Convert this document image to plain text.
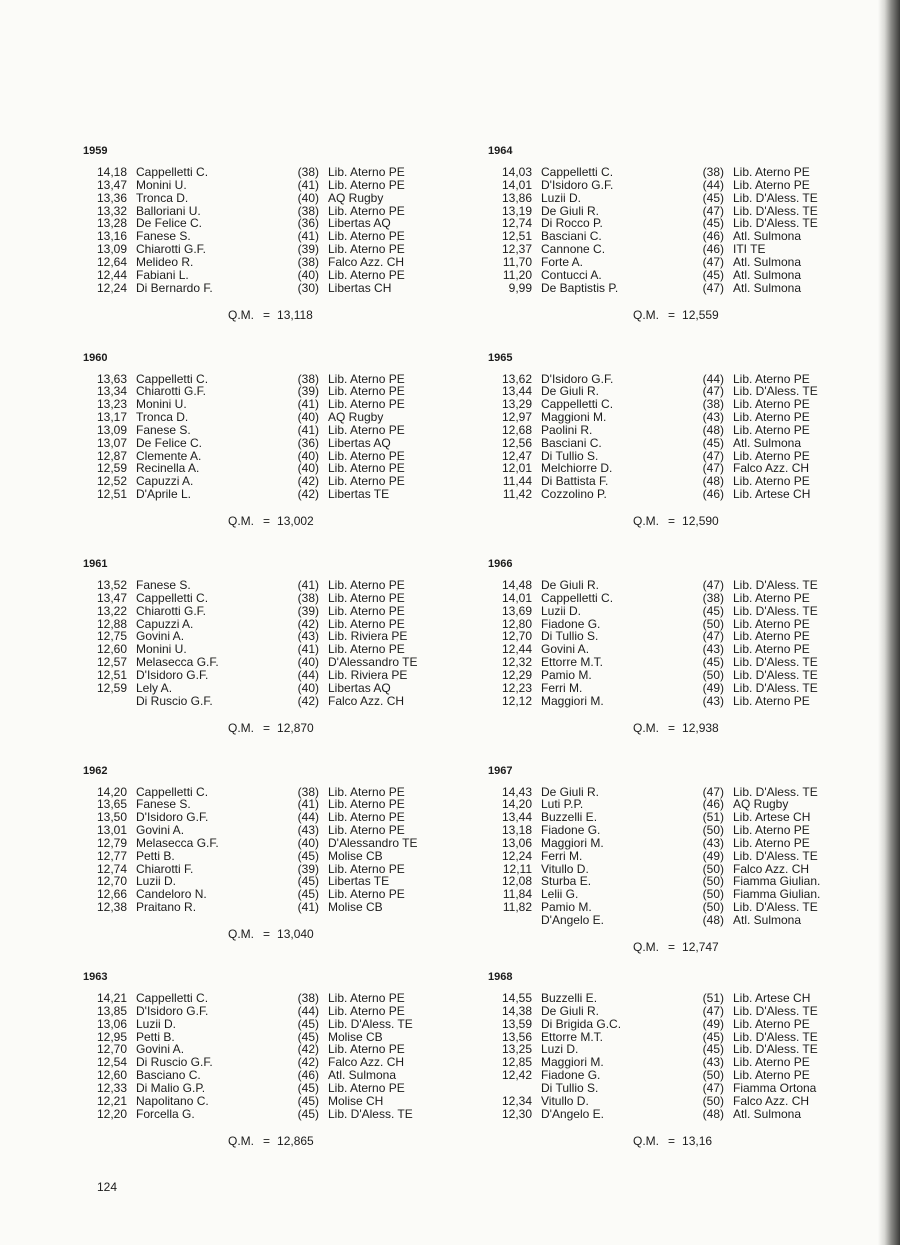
1959
14,18 Cappelletti C.	(38) Lib. Aterno PE
13,47 Monini U.	(41) Lib. Aterno PE
13,36 Tronca D.	(40) AQ Rugby
13,32 Balloriani U.	(38) Lib. Aterno PE
13,28 De Felice C.	(36) Libertas AQ
13,16 Fanese S.	(41) Lib. Aterno PE
13,09 Chiarotti G.F.	(39) Lib. Aterno PE
12,64 Melideo R.	(38) Falco Azz. CH
12,44 Fabiani L.	(40) Lib. Aterno PE
12,24 Di Bernardo F.	(30) Libertas CH
Q.M. = 13,118
1960
13,63 Cappelletti C.	(38) Lib. Aterno PE
13,34 Chiarotti G.F.	(39) Lib. Aterno PE
13,23 Monini U.	(41) Lib. Aterno PE
13,17 Tronca D.	(40) AQ Rugby
13,09 Fanese S.	(41) Lib. Aterno PE
13,07 De Felice C.	(36) Libertas AQ
12,87 Clemente A.	(40) Lib. Aterno PE
12,59 Recinella A.	(40) Lib. Aterno PE
12,52 Capuzzi A.	(42) Lib. Aterno PE
12,51 D'Aprile L.	(42) Libertas TE
Q.M. = 13,002
1961
13,52 Fanese S.	(41) Lib. Aterno PE
13,47 Cappelletti C.	(38) Lib. Aterno PE
13,22 Chiarotti G.F.	(39) Lib. Aterno PE
12,88 Capuzzi A.	(42) Lib. Aterno PE
12,75 Govini A.	(43) Lib. Riviera PE
12,60 Monini U.	(41) Lib. Aterno PE
12,57 Melasecca G.F.	(40) D'Alessandro TE
12,51 D'Isidoro G.F.	(44) Lib. Riviera PE
12,59 Lely A.	(40) Libertas AQ
Di Ruscio G.F.	(42) Falco Azz. CH
Q.M. = 12,870
1962
14,20 Cappelletti C.	(38) Lib. Aterno PE
13,65 Fanese S.	(41) Lib. Aterno PE
13,50 D'Isidoro G.F.	(44) Lib. Aterno PE
13,01 Govini A.	(43) Lib. Aterno PE
12,79 Melasecca G.F.	(40) D'Alessandro TE
12,77 Petti B.	(45) Molise CB
12,74 Chiarotti F.	(39) Lib. Aterno PE
12,70 Luzii D.	(45) Libertas TE
12,66 Candeloro N.	(45) Lib. Aterno PE
12,38 Praitano R.	(41) Molise CB
Q.M. = 13,040
1963
14,21 Cappelletti C.	(38) Lib. Aterno PE
13,85 D'Isidoro G.F.	(44) Lib. Aterno PE
13,06 Luzii D.	(45) Lib. D'Aless. TE
12,95 Petti B.	(45) Molise CB
12,70 Govini A.	(42) Lib. Aterno PE
12,54 Di Ruscio G.F.	(42) Falco Azz. CH
12,60 Basciano C.	(46) Atl. Sulmona
12,33 Di Malio G.P.	(45) Lib. Aterno PE
12,21 Napolitano C.	(45) Molise CH
12,20 Forcella G.	(45) Lib. D'Aless. TE
Q.M. = 12,865
1964
14,03 Cappelletti C.	(38) Lib. Aterno PE
14,01 D'Isidoro G.F.	(44) Lib. Aterno PE
13,86 Luzii D.	(45) Lib. D'Aless. TE
13,19 De Giuli R.	(47) Lib. D'Aless. TE
12,74 Di Rocco P.	(45) Lib. D'Aless. TE
12,51 Basciani C.	(46) Atl. Sulmona
12,37 Cannone C.	(46) ITI TE
11,70 Forte A.	(47) Atl. Sulmona
11,20 Contucci A.	(45) Atl. Sulmona
9,99 De Baptistis P.	(47) Atl. Sulmona
Q.M. = 12,559
1965
13,62 D'Isidoro G.F.	(44) Lib. Aterno PE
13,44 De Giuli R.	(47) Lib. D'Aless. TE
13,29 Cappelletti C.	(38) Lib. Aterno PE
12,97 Maggioni M.	(43) Lib. Aterno PE
12,68 Paolini R.	(48) Lib. Aterno PE
12,56 Basciani C.	(45) Atl. Sulmona
12,47 Di Tullio S.	(47) Lib. Aterno PE
12,01 Melchiorre D.	(47) Falco Azz. CH
11,44 Di Battista F.	(48) Lib. Aterno PE
11,42 Cozzolino P.	(46) Lib. Artese CH
Q.M. = 12,590
1966
14,48 De Giuli R.	(47) Lib. D'Aless. TE
14,01 Cappelletti C.	(38) Lib. Aterno PE
13,69 Luzii D.	(45) Lib. D'Aless. TE
12,80 Fiadone G.	(50) Lib. Aterno PE
12,70 Di Tullio S.	(47) Lib. Aterno PE
12,44 Govini A.	(43) Lib. Aterno PE
12,32 Ettorre M.T.	(45) Lib. D'Aless. TE
12,29 Pamio M.	(50) Lib. D'Aless. TE
12,23 Ferri M.	(49) Lib. D'Aless. TE
12,12 Maggiori M.	(43) Lib. Aterno PE
Q.M. = 12,938
1967
14,43 De Giuli R.	(47) Lib. D'Aless. TE
14,20 Luti P.P.	(46) AQ Rugby
13,44 Buzzelli E.	(51) Lib. Artese CH
13,18 Fiadone G.	(50) Lib. Aterno PE
13,06 Maggiori M.	(43) Lib. Aterno PE
12,24 Ferri M.	(49) Lib. D'Aless. TE
12,11 Vitullo D.	(50) Falco Azz. CH
12,08 Sturba E.	(50) Fiamma Giulian.
11,84 Lelii G.	(50) Fiamma Giulian.
11,82 Pamio M.	(50) Lib. D'Aless. TE
D'Angelo E.	(48) Atl. Sulmona
Q.M. = 12,747
1968
14,55 Buzzelli E.	(51) Lib. Artese CH
14,38 De Giuli R.	(47) Lib. D'Aless. TE
13,59 Di Brigida G.C.	(49) Lib. Aterno PE
13,56 Ettorre M.T.	(45) Lib. D'Aless. TE
13,25 Luzi D.	(45) Lib. D'Aless. TE
12,85 Maggiori M.	(43) Lib. Aterno PE
12,42 Fiadone G.	(50) Lib. Aterno PE
Di Tullio S.	(47) Fiamma Ortona
12,34 Vitullo D.	(50) Falco Azz. CH
12,30 D'Angelo E.	(48) Atl. Sulmona
Q.M. = 13,16
124
